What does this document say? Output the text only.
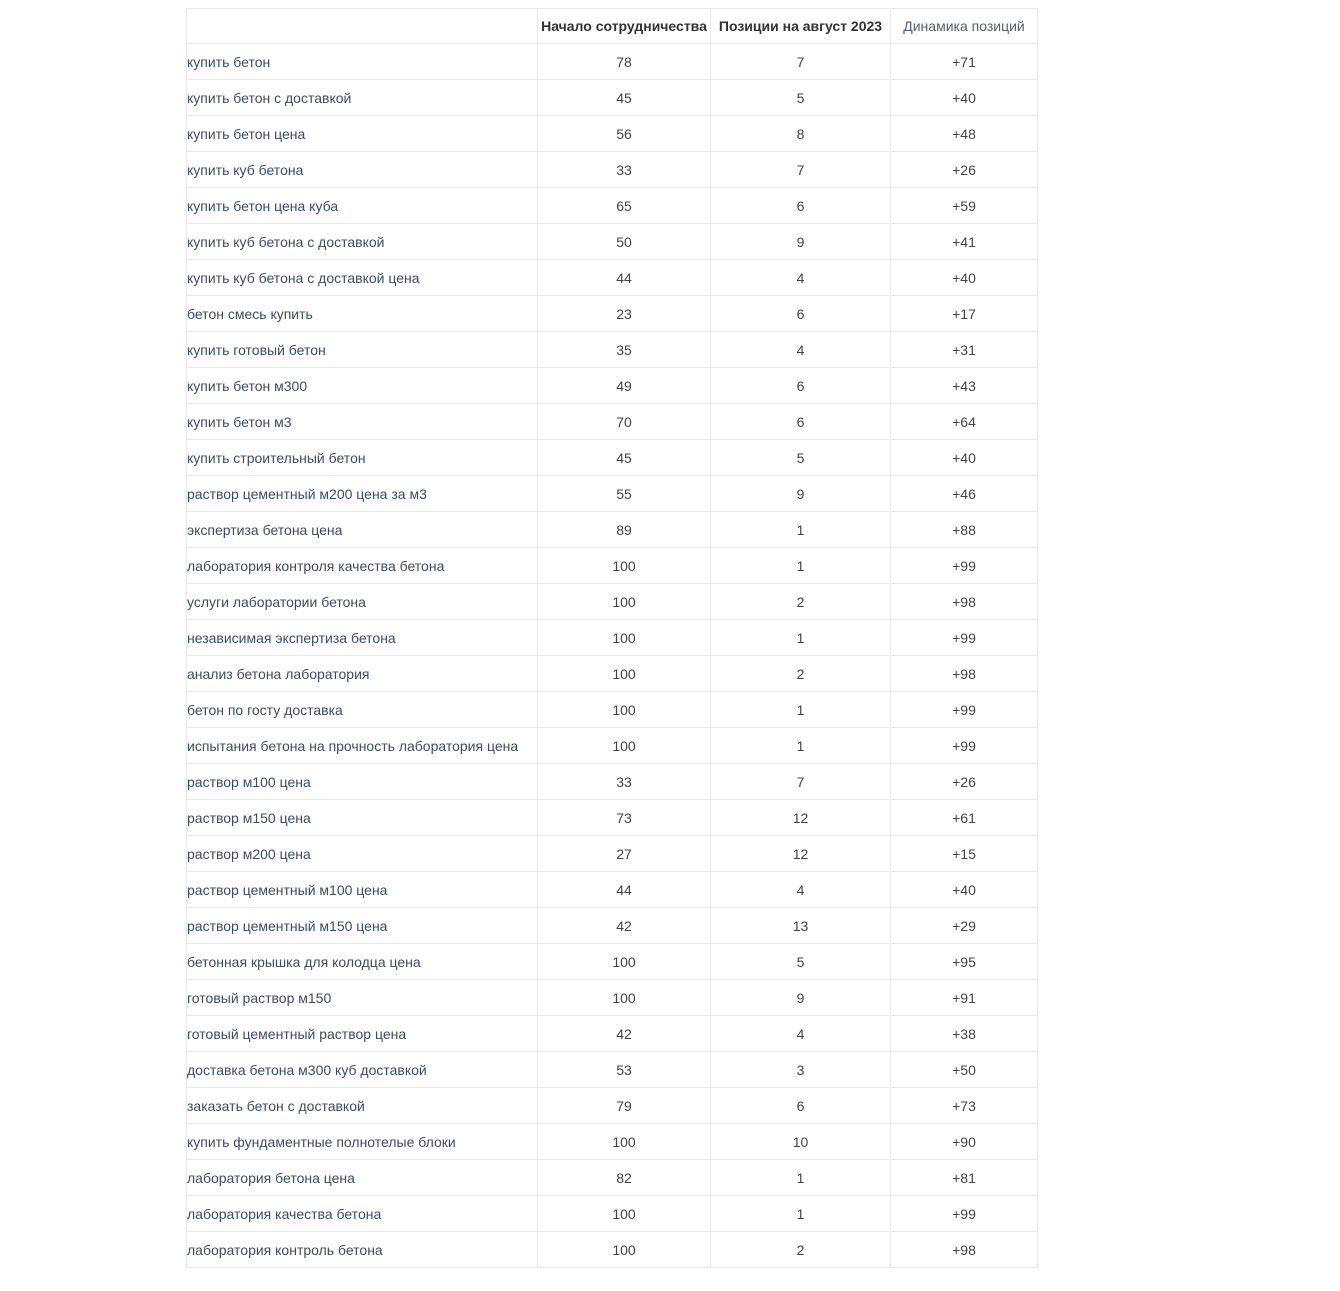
	Начало сотрудничества	Позиции на август 2023	Динамика позиций
купить бетон	78	7	+71
купить бетон с доставкой	45	5	+40
купить бетон цена	56	8	+48
купить куб бетона	33	7	+26
купить бетон цена куба	65	6	+59
купить куб бетона с доставкой	50	9	+41
купить куб бетона с доставкой цена	44	4	+40
бетон смесь купить	23	6	+17
купить готовый бетон	35	4	+31
купить бетон м300	49	6	+43
купить бетон м3	70	6	+64
купить строительный бетон	45	5	+40
раствор цементный м200 цена за м3	55	9	+46
экспертиза бетона цена	89	1	+88
лаборатория контроля качества бетона	100	1	+99
услуги лаборатории бетона	100	2	+98
независимая экспертиза бетона	100	1	+99
анализ бетона лаборатория	100	2	+98
бетон по госту доставка	100	1	+99
испытания бетона на прочность лаборатория цена	100	1	+99
раствор м100 цена	33	7	+26
раствор м150 цена	73	12	+61
раствор м200 цена	27	12	+15
раствор цементный м100 цена	44	4	+40
раствор цементный м150 цена	42	13	+29
бетонная крышка для колодца цена	100	5	+95
готовый раствор м150	100	9	+91
готовый цементный раствор цена	42	4	+38
доставка бетона м300 куб доставкой	53	3	+50
заказать бетон с доставкой	79	6	+73
купить фундаментные полнотелые блоки	100	10	+90
лаборатория бетона цена	82	1	+81
лаборатория качества бетона	100	1	+99
лаборатория контроль бетона	100	2	+98
